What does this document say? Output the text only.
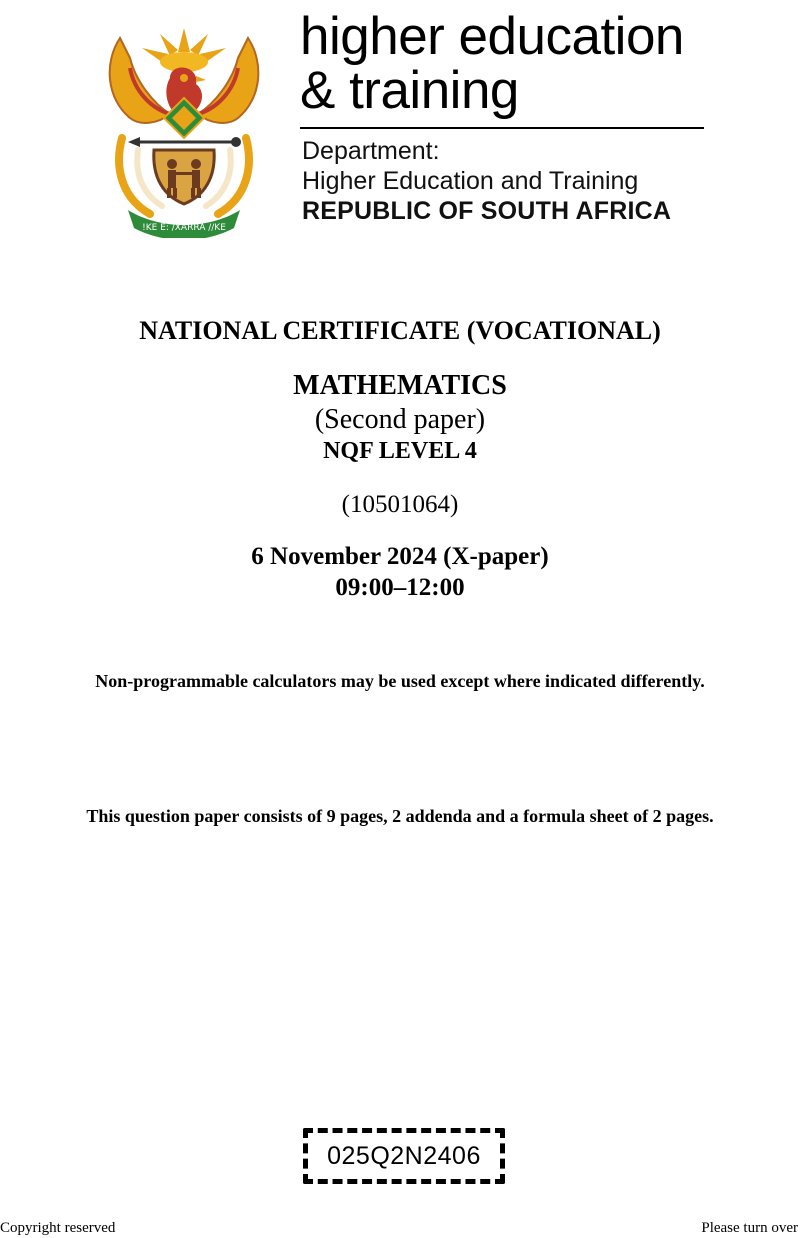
!KE E: /XARRA //KE
higher education
& training
Department:
Higher Education and Training
REPUBLIC OF SOUTH AFRICA
NATIONAL CERTIFICATE (VOCATIONAL)
MATHEMATICS
(Second paper)
NQF LEVEL 4
(10501064)
6 November 2024 (X-paper)
09:00–12:00
Non-programmable calculators may be used except where indicated differently.
This question paper consists of 9 pages, 2 addenda and a formula sheet of 2 pages.
025Q2N2406
Copyright reserved	Please turn over
